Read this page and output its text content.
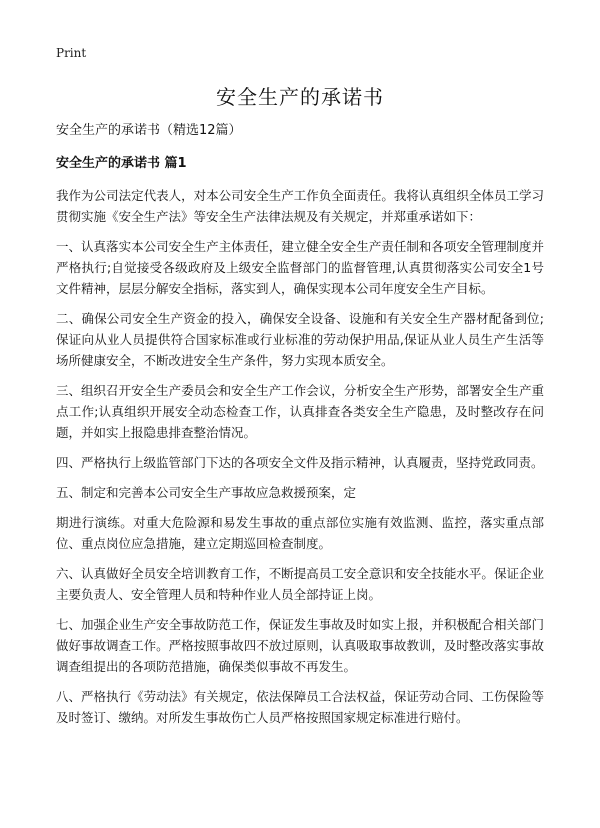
Print
安全生产的承诺书
安全生产的承诺书（精选12篇）
安全生产的承诺书 篇1

我作为公司法定代表人，对本公司安全生产工作负全面责任。我将认真组织全体员工学习贯彻实施《安全生产法》等安全生产法律法规及有关规定，并郑重承诺如下：

一、认真落实本公司安全生产主体责任，建立健全安全生产责任制和各项安全管理制度并严格执行;自觉接受各级政府及上级安全监督部门的监督管理,认真贯彻落实公司安全1号文件精神，层层分解安全指标，落实到人，确保实现本公司年度安全生产目标。

二、确保公司安全生产资金的投入，确保安全设备、设施和有关安全生产器材配备到位;保证向从业人员提供符合国家标准或行业标准的劳动保护用品,保证从业人员生产生活等场所健康安全，不断改进安全生产条件，努力实现本质安全。

三、组织召开安全生产委员会和安全生产工作会议，分析安全生产形势，部署安全生产重点工作;认真组织开展安全动态检查工作，认真排查各类安全生产隐患，及时整改存在问题，并如实上报隐患排查整治情况。

四、严格执行上级监管部门下达的各项安全文件及指示精神，认真履责，坚持党政同责。

五、制定和完善本公司安全生产事故应急救援预案，定

期进行演练。对重大危险源和易发生事故的重点部位实施有效监测、监控，落实重点部位、重点岗位应急措施，建立定期巡回检查制度。

六、认真做好全员安全培训教育工作，不断提高员工安全意识和安全技能水平。保证企业主要负责人、安全管理人员和特种作业人员全部持证上岗。

七、加强企业生产安全事故防范工作，保证发生事故及时如实上报，并积极配合相关部门做好事故调查工作。严格按照事故四不放过原则，认真吸取事故教训，及时整改落实事故调查组提出的各项防范措施，确保类似事故不再发生。

八、严格执行《劳动法》有关规定，依法保障员工合法权益，保证劳动合同、工伤保险等及时签订、缴纳。对所发生事故伤亡人员严格按照国家规定标准进行赔付。
